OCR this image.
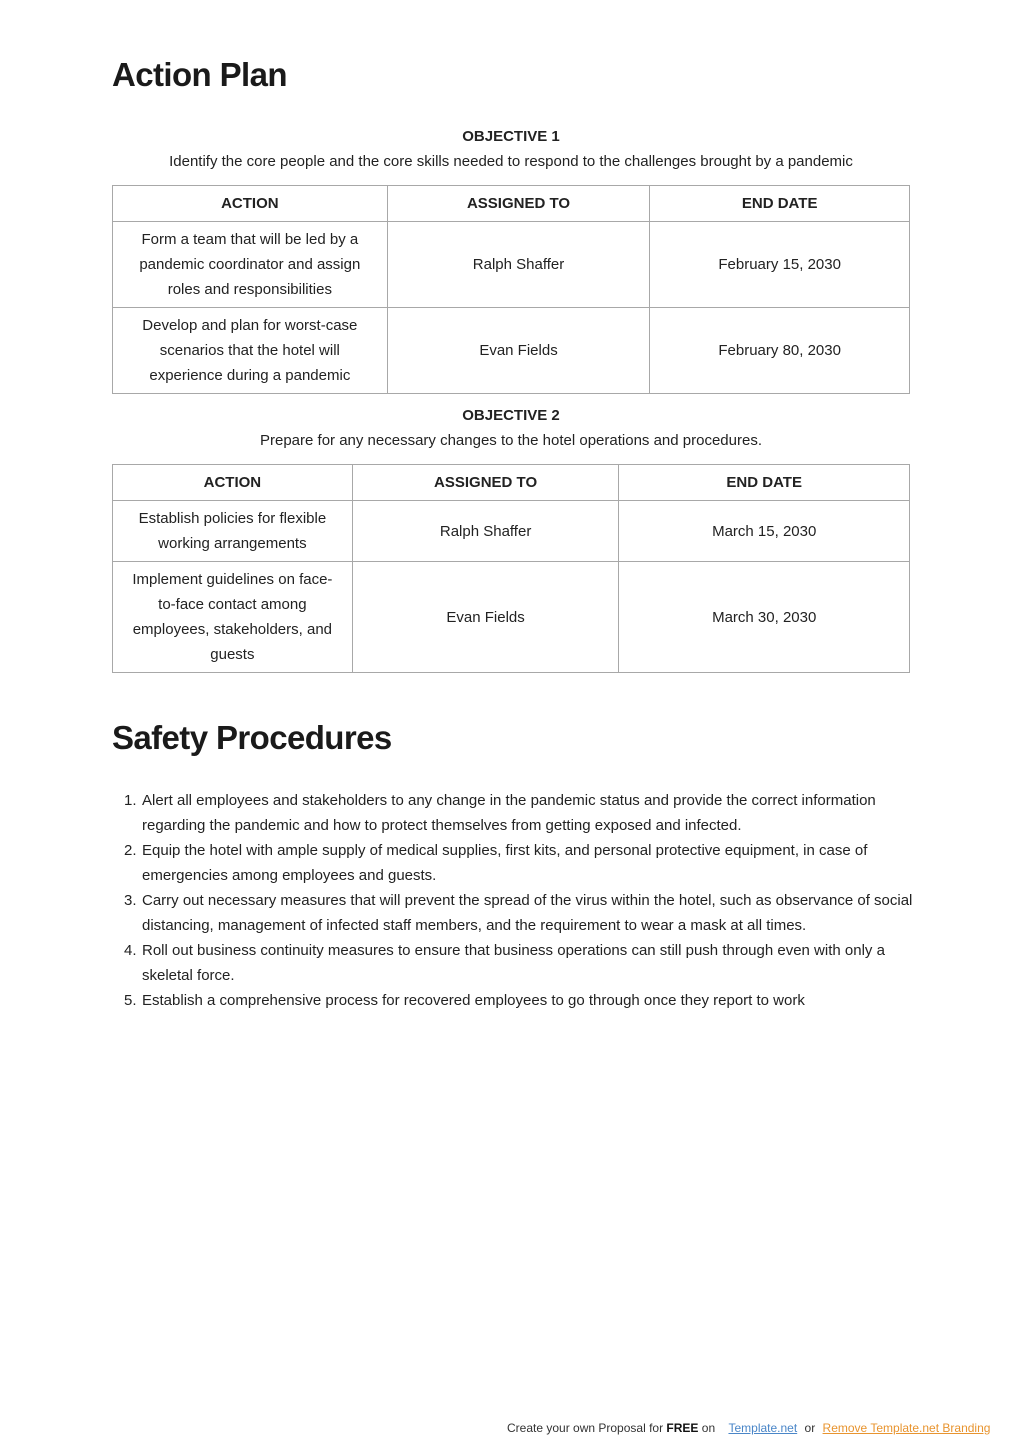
Action Plan
OBJECTIVE 1
Identify the core people and the core skills needed to respond to the challenges brought by a pandemic
ACTION	ASSIGNED TO	END DATE
Form a team that will be led by a pandemic coordinator and assign roles and responsibilities	Ralph Shaffer	February 15, 2030
Develop and plan for worst-case scenarios that the hotel will experience during a pandemic	Evan Fields	February 80, 2030
OBJECTIVE 2
Prepare for any necessary changes to the hotel operations and procedures.
ACTION	ASSIGNED TO	END DATE
Establish policies for flexible working arrangements	Ralph Shaffer	March 15, 2030
Implement guidelines on face-to-face contact among employees, stakeholders, and guests	Evan Fields	March 30, 2030
Safety Procedures
1. Alert all employees and stakeholders to any change in the pandemic status and provide the correct information regarding the pandemic and how to protect themselves from getting exposed and infected.
2. Equip the hotel with ample supply of medical supplies, first kits, and personal protective equipment, in case of emergencies among employees and guests.
3. Carry out necessary measures that will prevent the spread of the virus within the hotel, such as observance of social distancing, management of infected staff members, and the requirement to wear a mask at all times.
4. Roll out business continuity measures to ensure that business operations can still push through even with only a skeletal force.
5. Establish a comprehensive process for recovered employees to go through once they report to work
Create your own Proposal for FREE on Template.net or Remove Template.net Branding
